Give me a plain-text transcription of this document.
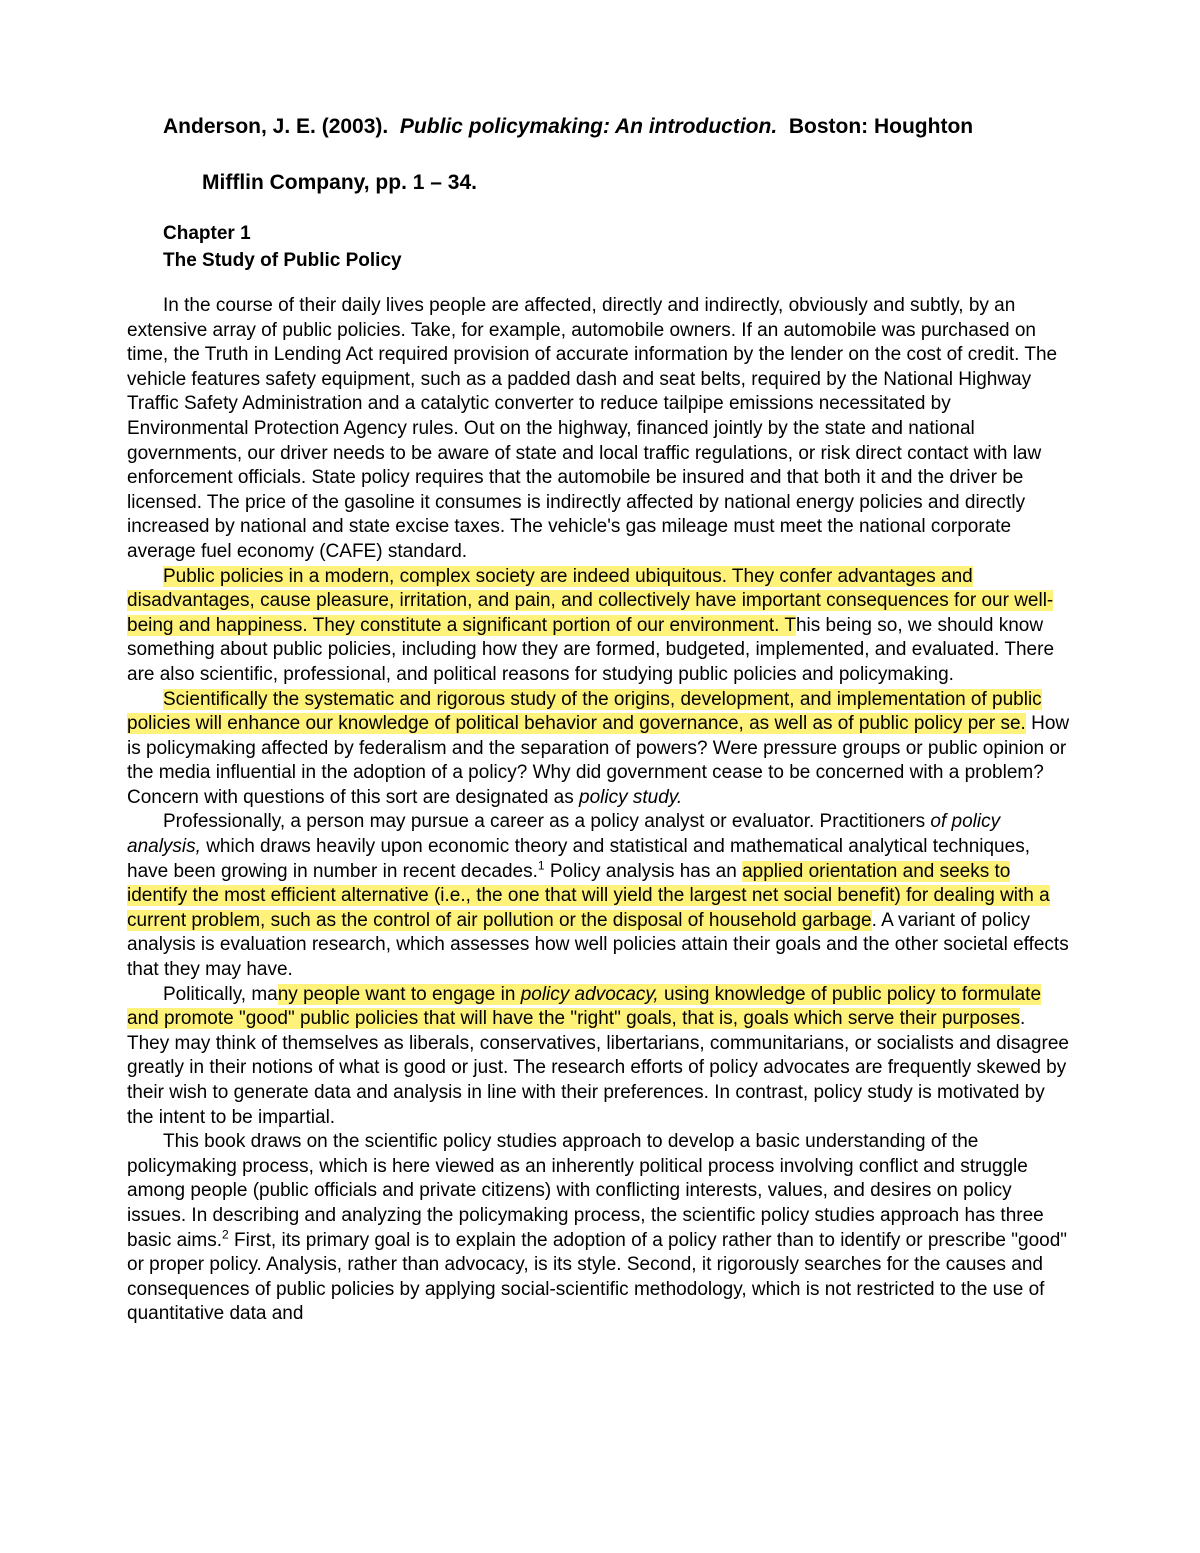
Anderson, J. E. (2003). Public policymaking: An introduction. Boston: Houghton
Mifflin Company, pp. 1 – 34.
Chapter 1
The Study of Public Policy

In the course of their daily lives people are affected, directly and indirectly, obviously and subtly, by an extensive array of public policies. Take, for example, automobile owners. If an automobile was purchased on time, the Truth in Lending Act required provision of accurate information by the lender on the cost of credit. The vehicle features safety equipment, such as a padded dash and seat belts, required by the National Highway Traffic Safety Administration and a catalytic converter to reduce tailpipe emissions necessitated by Environmental Protection Agency rules. Out on the highway, financed jointly by the state and national governments, our driver needs to be aware of state and local traffic regulations, or risk direct contact with law enforcement officials. State policy requires that the automobile be insured and that both it and the driver be licensed. The price of the gasoline it consumes is indirectly affected by national energy policies and directly increased by national and state excise taxes. The vehicle's gas mileage must meet the national corporate average fuel economy (CAFE) standard.

Public policies in a modern, complex society are indeed ubiquitous. They confer advantages and disadvantages, cause pleasure, irritation, and pain, and collectively have important consequences for our well-being and happiness. They constitute a significant portion of our environment. This being so, we should know something about public policies, including how they are formed, budgeted, implemented, and evaluated. There are also scientific, professional, and political reasons for studying public policies and policymaking.

Scientifically the systematic and rigorous study of the origins, development, and implementation of public policies will enhance our knowledge of political behavior and governance, as well as of public policy per se. How is policymaking affected by federalism and the separation of powers? Were pressure groups or public opinion or the media influential in the adoption of a policy? Why did government cease to be concerned with a problem? Concern with questions of this sort are designated as policy study.

Professionally, a person may pursue a career as a policy analyst or evaluator. Practitioners of policy analysis, which draws heavily upon economic theory and statistical and mathematical analytical techniques, have been growing in number in recent decades.$^1$ Policy analysis has an applied orientation and seeks to identify the most efficient alternative (i.e., the one that will yield the largest net social benefit) for dealing with a current problem, such as the control of air pollution or the disposal of household garbage. A variant of policy analysis is evaluation research, which assesses how well policies attain their goals and the other societal effects that they may have.

Politically, many people want to engage in policy advocacy, using knowledge of public policy to formulate and promote "good" public policies that will have the "right" goals, that is, goals which serve their purposes. They may think of themselves as liberals, conservatives, libertarians, communitarians, or socialists and disagree greatly in their notions of what is good or just. The research efforts of policy advocates are frequently skewed by their wish to generate data and analysis in line with their preferences. In contrast, policy study is motivated by the intent to be impartial.

This book draws on the scientific policy studies approach to develop a basic understanding of the policymaking process, which is here viewed as an inherently political process involving conflict and struggle among people (public officials and private citizens) with conflicting interests, values, and desires on policy issues. In describing and analyzing the policymaking process, the scientific policy studies approach has three basic aims.$^2$ First, its primary goal is to explain the adoption of a policy rather than to identify or prescribe "good" or proper policy. Analysis, rather than advocacy, is its style. Second, it rigorously searches for the causes and consequences of public policies by applying social-scientific methodology, which is not restricted to the use of quantitative data and
